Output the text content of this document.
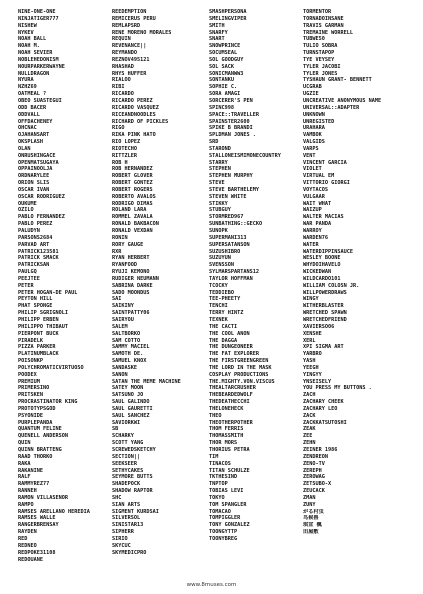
NINE-ONE-ONE
NINJATIGER777
NISHEW
NYKEV
NOAH BALL
NOAH M.
NOAH SEVIER
NOBLEHEDONISM
NOURPARKERWAYNE
NULLDRAGON
NYURA
NZHZ69
OATMEAL ?
OBEO SUASTEGUI
ODD BACER
ODDVALL
OFFDACHENEY
OHCNAC
OJAHANSART
OKSPLASH
OLAN
ONRUSHINGACE
OPENMATSUGAYA
OPPAINOOLJA
ORDNARYLEE
ORION SLIS
OSCAR IVAN
OSCAR RODRIGUEZ
OUKUME
OZILO
PABLO FERNANDEZ
PABLO PEREZ
PALUDYN
PARSONS2684
PARVAD ART
PATRICK123581
PATRICK SMACK
PATRICKSAN
PAULGQ
PEEJTEE
PETER
PETER HOGAN-DE PAUL
PEYTON HILL
PHAT SPONGE
PHILIP SGRIGNOLI
PHILIPP ERBEN
PHILIPPO THIBAUT
PIERPONT BUCK
PIRADELK
PIZZA PARKER
PLATINUMBLACK
POISONKP
POLYCHROMATICVIRTUOSO
POODEX
PREMIUM
PRIMERSINO
PRITSKEN
PROCRASTINATOR KING
PROTOTYPSGOD
PSYONIDE
PURPLEPANDA
QUANTUM FELINE
QUENELL ANDERSON
QUIN
QUINN BRATTENG
RAAD THORKO
RAKA
RAKANINE
RALF
RAMMYREZ77
RANNEH
RAMON VILLASENOR
RAMPO
RAMSES ARELLANO HEREDIA
RAMSES WALLE
RANGERBRENSAY
RAYDEN
RED
REDNEO
REDPOKE31108
REDOUANE
REEDEMPTION
REMICERUS PERU
REMLAPSRD
RENE MORENO MORALES
REQUIN
REVENANCE||
REYMANDO
REZNOV495121
RHASHAD
RHYS HUFFER
RIALOO
RIBI
RICARDO
RICARDO PEREZ
RICARDO VASQUEZ
RICEANDNOODLES
RICHARD OF PICKLES
RIGO
RIKA PINK HATO
RIO LOPEZ
RIOTECHO
RITTZLER
ROB H
ROB HERNANDEZ
ROBERT GLOVER
ROBERT GONTEZ
ROBERT ROGERS
ROBERTO AVALOS
RODRIGO DIMAS
ROLAND LARA
ROMMEL ZAVALA
RONALD BAKBACON
RONALD VEXDAN
RONIN
RORY GAUGE
RXR
RYAN HERBERT
RYANFOOD
RYUJI KEMONO
RUDIGER NEUMANN
SABRINA DARKE
SADO MOONDUS
SAI
SAIKINY
SAINTPATTY06
SAIRYOU
SALEM
SALTBORKO
SAM COTTO
SAMMY MACIEL
SAMOTH DE.
SAMUEL KNOX
SANDASKE
SANON
SATAN THE MEME MACHINE
SATEY MOON
SATSUNO JO
SAUL GALINDO
SAUL GAURETTI
SAUL SANCHEZ
SAVIORKWI
SB
SCHARKY
SCOTT YANG
SCREWEDSKETCHY
SECTION||
SEEKSEER
SETHYCAKES
SEYMORE BUTTS
SHADEPOCK
SHADOW RAPTOR
SHC
SIAN ARTS
SIGMENT KURDSAI
SILVERSOL
SINISTAR13
SIPHERR
SIRIO
SKYCUC
SKYMEDICPRO
SMASHPERSONA
SMELINGVIPER
SMITH
SNARFY
SNART
SNOWPRINCE
SOCUMSEAL
SOL GOODGUY
SOL SACK
SONICMANWW3
SONTANKU
SOPHIE C.
SORA AMAGI
SORCERER'S PEN
SPINC998
SPACE::TRAVELLER
SPAINSTER2600
SPIKE B BRANDI
SPLDMAN JONES .
SRD
STAROND
STALLONEISMIMONECOUNTRY
STARRY
STEPHEN
STEPHEN MURPHY
STEVE
STEVE BARTHELEMY
STEVEN WHITE
STIKKY
STUBGUY
STORMRED967
SUNBATHING::GECKO
SUNOPK
SUPERMANI313
SUPERSATANSON
SUZUSHIBRO
SUZUYUN
SVENSSON
SYLMARSPARTANS12
TAYLOR HOFFMAN
TCOCKY
TEDDIEBO
TEE-PHEETY
TENCHI
TERRY HINTZ
TEXNEK
THE CACTI
THE COOL ANON
THE DAGGA
THE DUNGEONEER
THE FAT EXPLORER
THE FIRSTGREENGREEN
THE LORD IN THE MASK
COSPLAY PRODUCTIONS
THE.MIGHTY.VON.VISCUS
THEALTARCRUSHER
THEBEARDEDWOLF
THEDEATHECCHI
THELONEHECK
THEO
THEOTHERPOTHER
THOM FERRIS
THOMASSMITH
THOR MORS
THORIUS PETRA
TIM
TINACOS
TITAN SCHULZE
TKTHESIND
TNPTOP
TOBIAS LEVI
TOKYO
TOM SPANGLER
TOMACAO
TOMPIGGLER
TONY GONZALEZ
TOONGYTTP
TOONYBREG
TORMENTOR
TORNADOINSANE
TRAVIS GARMAN
TREMAINE WORRELL
TUBWE50
TULIO SOBRA
TURNSTAPOP
TYE VEYSEY
TYLER JACOBI
TYLER JONES
TYSHAUN GRANT- BENNETT
UCGRAB
UGZIE
UNCREATIVE ANONYMOUS NAME
UNIVERSAL::ADAPTER
UNKNOWN
UNREGISTED
URAHARA
VAMBOK
VALGIDS
VARPS
VENT
VINCENT GARCIA
VIOLET
VIRTUAL EM
VITTORIO GIORGI
VOYTACOS
VULGAAR
WAIT WHAT
WAIZUP
WALTER MACIAS
WAR PANDA
WARROY
WARDEN76
WATER
WATERDIPPINSAUCE
WESLEY BOONE
WHYDOIHAVELO
WICKEDWAN
WILDCARDO101
WILLIAM COLOSN JR.
WILLPOWERDRAWS
WINGY
WITHERBLASTER
WRETCHED SPAWN
WRETCHEDFRIEND
XAVIERSO06
XENSHE
XERL
XPI SIGMA ART
YARBRO
YASH
YEEGH
YINGYY
YNSEISELY
YOU PRESS MY BUTTONS .
ZACH
ZACHARY CHEEK
ZACHARY LEO
ZACK
ZACKKATSUTOSHI
ZEAK
ZEE
ZEHN
ZEINER 1986
ZENDREON
ZENO-TV
ZEREPH
ZEROWAG
ZETSUBO-X
ZEUCACK
ZMAN
ZUNY
がる村虫
鸟候兽
琪宣 楓
田屋敷
www.8muses.com
